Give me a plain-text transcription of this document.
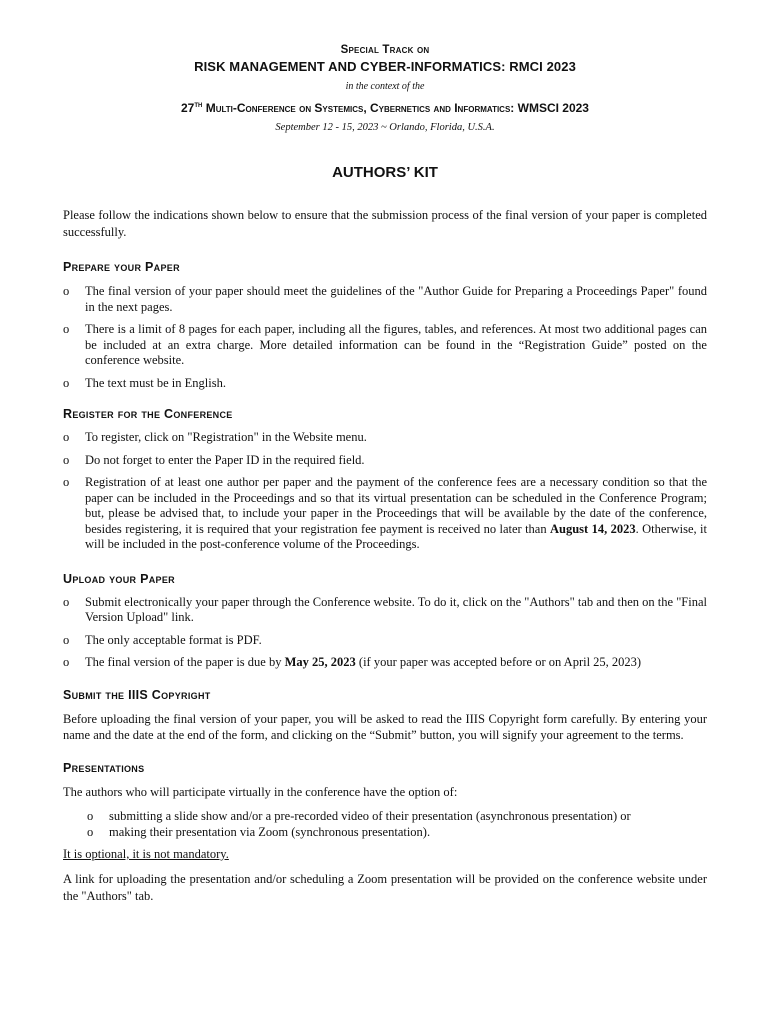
Special Track on
RISK MANAGEMENT AND CYBER-INFORMATICS: RMCI 2023
in the context of the
27th Multi-Conference on Systemics, Cybernetics and Informatics: WMSCI 2023
September 12 - 15, 2023 ~ Orlando, Florida, U.S.A.
AUTHORS’ KIT

Please follow the indications shown below to ensure that the submission process of the final version of your paper is completed successfully.

Prepare your Paper
o The final version of your paper should meet the guidelines of the "Author Guide for Preparing a Proceedings Paper" found in the next pages.
o There is a limit of 8 pages for each paper, including all the figures, tables, and references. At most two additional pages can be included at an extra charge. More detailed information can be found in the “Registration Guide” posted on the conference website.
o The text must be in English.
Register for the Conference
o To register, click on "Registration" in the Website menu.
o Do not forget to enter the Paper ID in the required field.
o Registration of at least one author per paper and the payment of the conference fees are a necessary condition so that the paper can be included in the Proceedings and so that its virtual presentation can be scheduled in the Conference Program; but, please be advised that, to include your paper in the Proceedings that will be available by the date of the conference, besides registering, it is required that your registration fee payment is received no later than August 14, 2023. Otherwise, it will be included in the post-conference volume of the Proceedings.
Upload your Paper
o Submit electronically your paper through the Conference website. To do it, click on the "Authors" tab and then on the "Final Version Upload" link.
o The only acceptable format is PDF.
o The final version of the paper is due by May 25, 2023 (if your paper was accepted before or on April 25, 2023)
Submit the IIIS Copyright

Before uploading the final version of your paper, you will be asked to read the IIIS Copyright form carefully. By entering your name and the date at the end of the form, and clicking on the “Submit” button, you will signify your agreement to the terms.

Presentations

The authors who will participate virtually in the conference have the option of:

o submitting a slide show and/or a pre-recorded video of their presentation (asynchronous presentation) or
o making their presentation via Zoom (synchronous presentation).
It is optional, it is not mandatory.

A link for uploading the presentation and/or scheduling a Zoom presentation will be provided on the conference website under the "Authors" tab.
